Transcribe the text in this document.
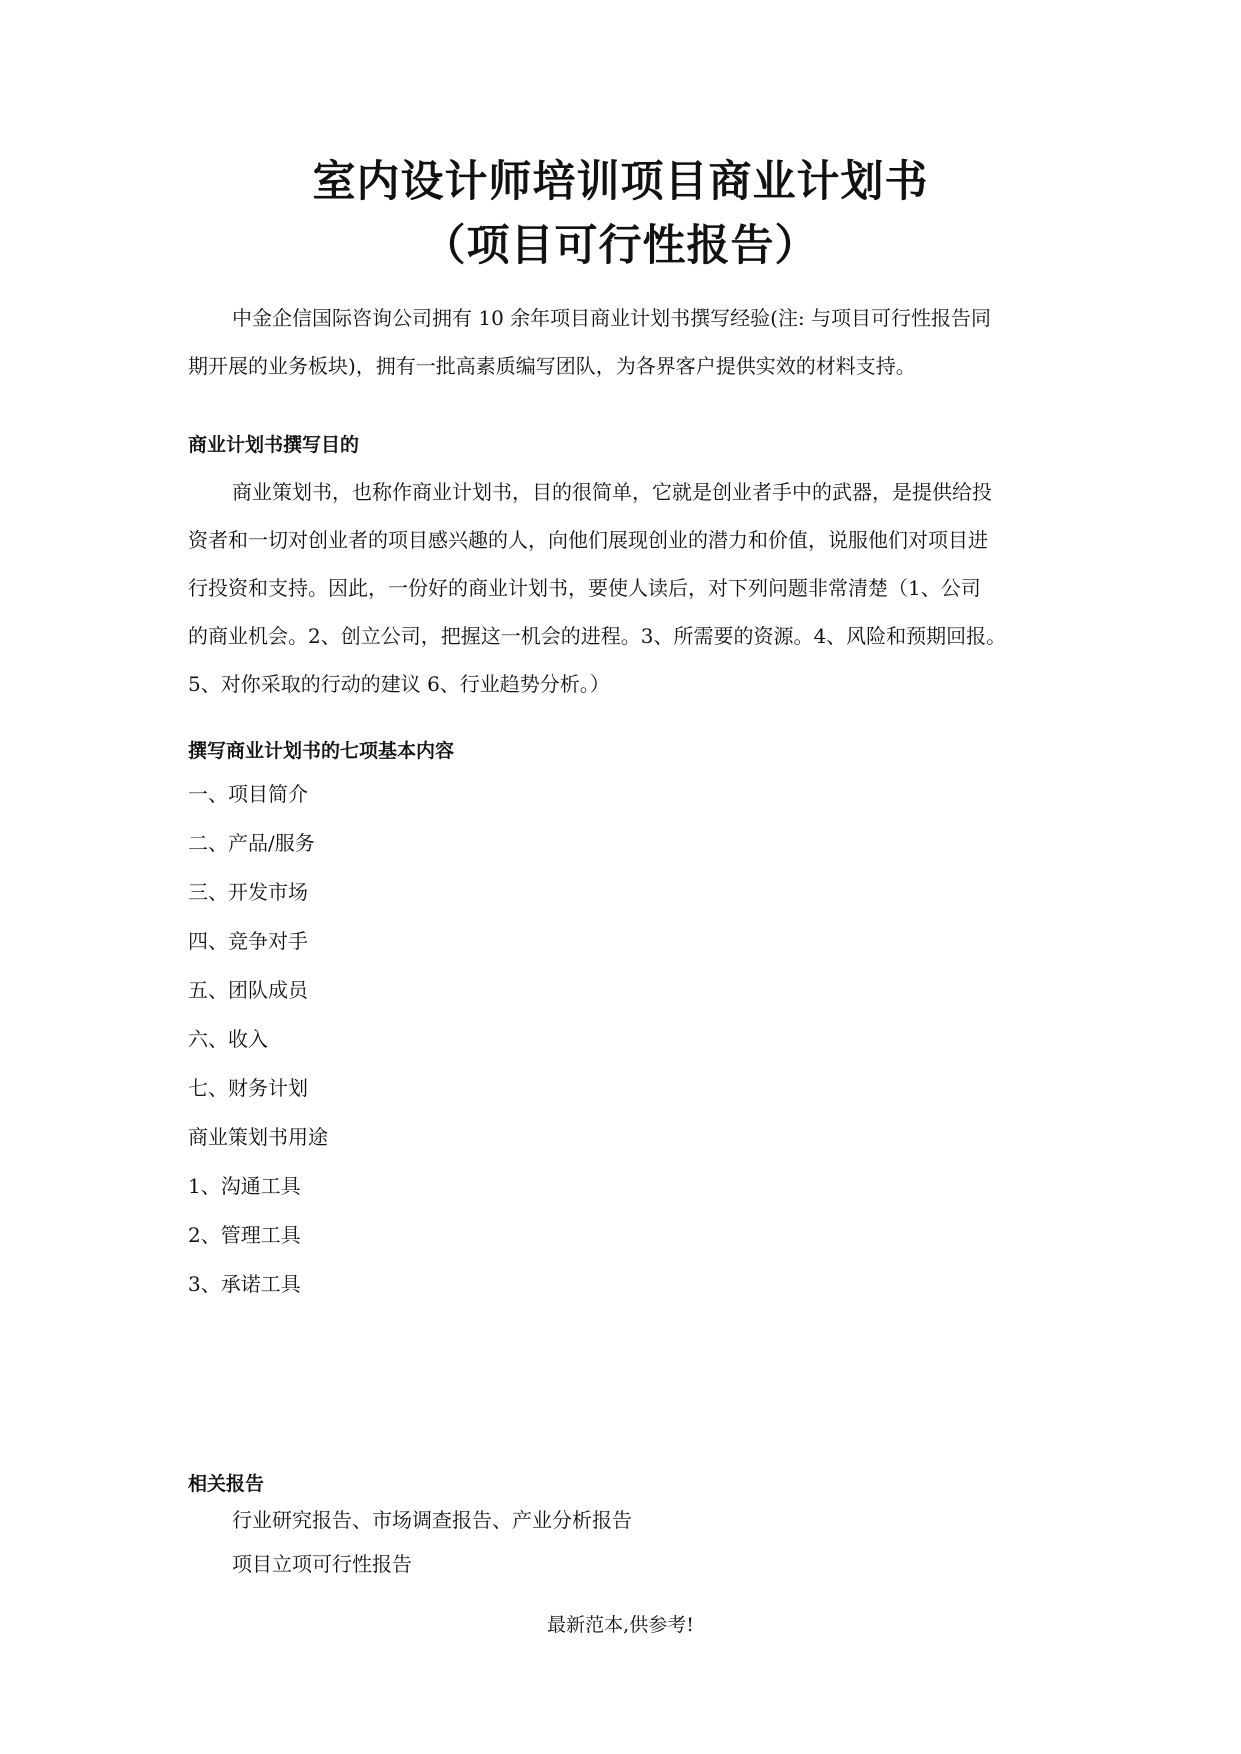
室内设计师培训项目商业计划书
（项目可行性报告）
中金企信国际咨询公司拥有 10 余年项目商业计划书撰写经验(注: 与项目可行性报告同
期开展的业务板块)，拥有一批高素质编写团队，为各界客户提供实效的材料支持。
商业计划书撰写目的
商业策划书，也称作商业计划书，目的很简单，它就是创业者手中的武器，是提供给投
资者和一切对创业者的项目感兴趣的人，向他们展现创业的潜力和价值，说服他们对项目进
行投资和支持。因此，一份好的商业计划书，要使人读后，对下列问题非常清楚（1、公司
的商业机会。2、创立公司，把握这一机会的进程。3、所需要的资源。4、风险和预期回报。
5、对你采取的行动的建议 6、行业趋势分析。）
撰写商业计划书的七项基本内容
一、项目简介
二、产品/服务
三、开发市场
四、竞争对手
五、团队成员
六、收入
七、财务计划
商业策划书用途
1、沟通工具
2、管理工具
3、承诺工具
相关报告
行业研究报告、市场调查报告、产业分析报告
项目立项可行性报告
最新范本,供参考!
